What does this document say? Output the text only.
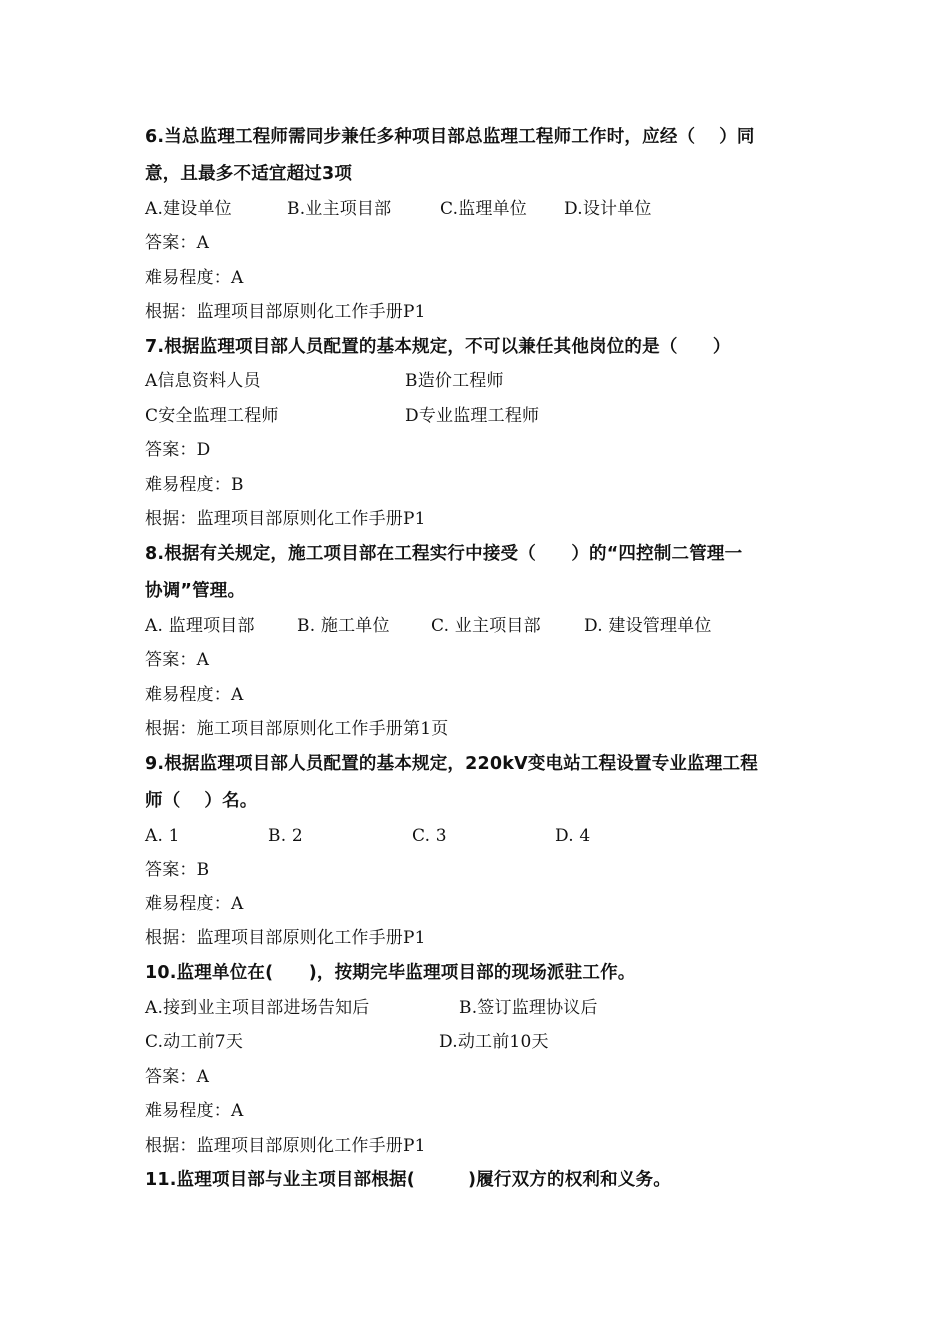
6.当总监理工程师需同步兼任多种项目部总监理工程师工作时，应经（　 ）同
意，且最多不适宜超过3项
A.建设单位	B.业主项目部	C.监理单位 D.设计单位
答案：A
难易程度：A
根据：监理项目部原则化工作手册P1
7.根据监理项目部人员配置的基本规定，不可以兼任其他岗位的是（　　）
A信息资料人员	B造价工程师
C安全监理工程师	D专业监理工程师
答案：D
难易程度：B
根据：监理项目部原则化工作手册P1
8.根据有关规定，施工项目部在工程实行中接受（　　）的“四控制二管理一
协调”管理。
A. 监理项目部 B. 施工单位 C. 业主项目部	D. 建设管理单位
答案：A
难易程度：A
根据：施工项目部原则化工作手册第1页
9.根据监理项目部人员配置的基本规定，220kV变电站工程设置专业监理工程
师（　 ）名。
A. 1	B. 2	C. 3	D. 4
答案：B
难易程度：A
根据：监理项目部原则化工作手册P1
10.监理单位在(　　)，按期完毕监理项目部的现场派驻工作。
A.接到业主项目部进场告知后	B.签订监理协议后
C.动工前7天	D.动工前10天
答案：A
难易程度：A
根据：监理项目部原则化工作手册P1
11.监理项目部与业主项目部根据(　　　)履行双方的权利和义务。
